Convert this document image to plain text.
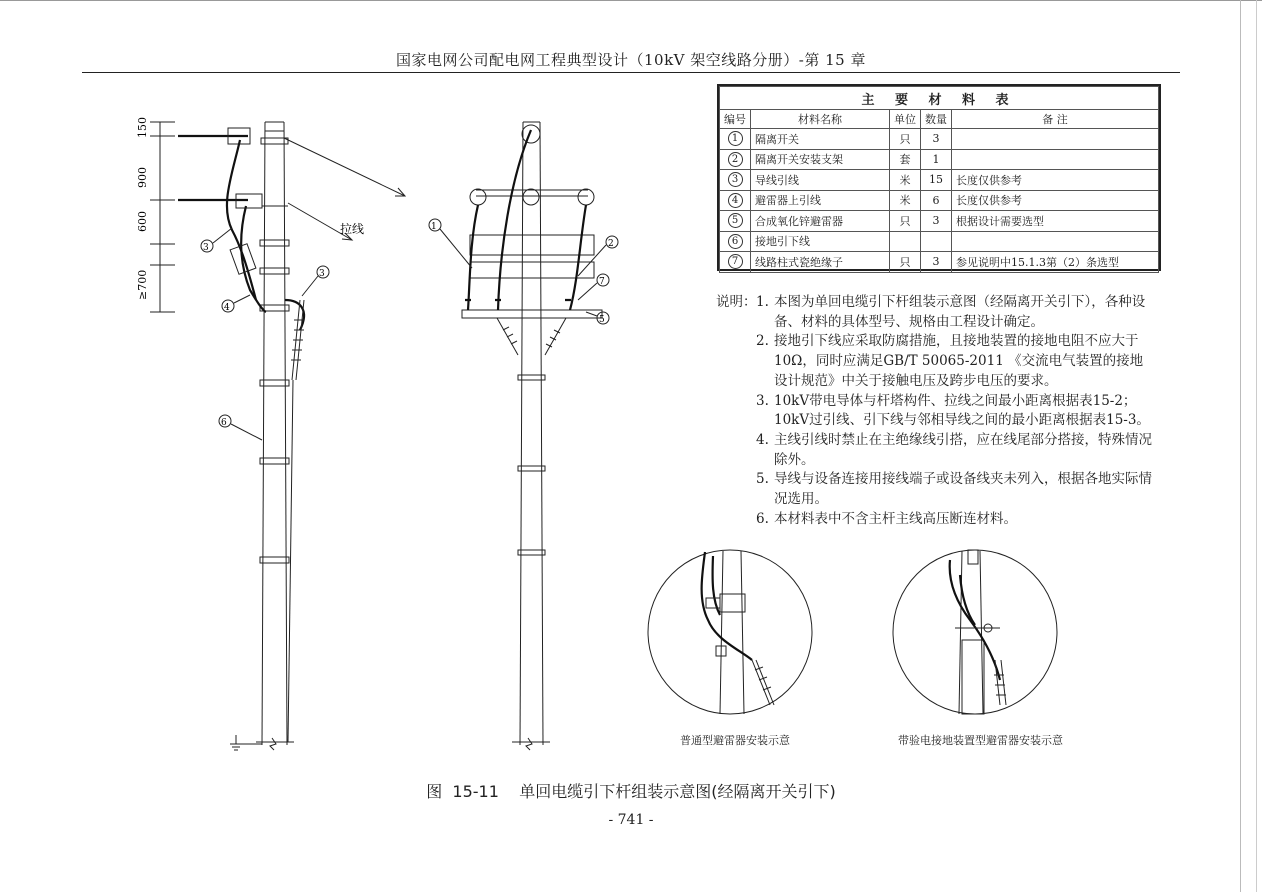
国家电网公司配电网工程典型设计（10kV 架空线路分册）-第 15 章
150
900
600
≥700
拉线
3
4
3
6
1
2
7
5
主 要 材 料 表				
编号	材料名称	单位	数量	备 注
1	隔离开关	只	3	
2	隔离开关安装支架	套	1	
3	导线引线	米	15	长度仅供参考
4	避雷器上引线	米	6	长度仅供参考
5	合成氧化锌避雷器	只	3	根据设计需要选型
6	接地引下线			
7	线路柱式瓷绝缘子	只	3	参见说明中15.1.3第（2）条选型
说明： 1. 本图为单回电缆引下杆组装示意图（经隔离开关引下），各种设备、材料的具体型号、规格由工程设计确定。
2. 接地引下线应采取防腐措施，且接地装置的接地电阻不应大于10Ω，同时应满足GB/T 50065-2011 《交流电气装置的接地设计规范》中关于接触电压及跨步电压的要求。
3. 10kV带电导体与杆塔构件、拉线之间最小距离根据表15-2；10kV过引线、引下线与邻相导线之间的最小距离根据表15-3。
4. 主线引线时禁止在主绝缘线引搭，应在线尾部分搭接，特殊情况除外。
5. 导线与设备连接用接线端子或设备线夹未列入，根据各地实际情况选用。
6. 本材料表中不含主杆主线高压断连材料。
普通型避雷器安装示意	带验电接地装置型避雷器安装示意
图  15-11    单回电缆引下杆组装示意图(经隔离开关引下)
- 741 -
